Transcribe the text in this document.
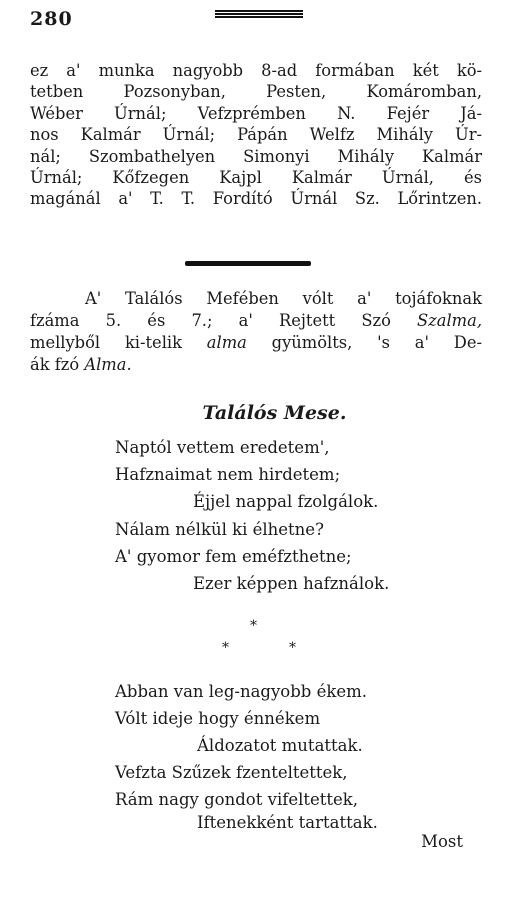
280
ez a' munka nagyobb 8-ad formában két kö-
tetben Pozsonyban, Pesten, Komáromban,
Wéber Úrnál; Vefzprémben N. Fejér Já-
nos Kalmár Úrnál; Pápán Welfz Mihály Úr-
nál; Szombathelyen Simonyi Mihály Kalmár
Úrnál; Kőfzegen Kajpl Kalmár Úrnál, és
magánál a' T. T. Fordító Úrnál Sz. Lőrintzen.
A' Találós Mefében vólt a' tojáfoknak
fzáma 5. és 7.; a' Rejtett Szó Szalma,
mellyből ki-telik alma gyümölts, 's a' De-
ák fzó Alma.
Találós Mese.
Naptól vettem eredetem',
Hafznaimat nem hirdetem;
Éjjel nappal fzolgálok.
Nálam nélkül ki élhetne?
A' gyomor fem eméfzthetne;
Ezer képpen hafználok.
*
*	*
Abban van leg-nagyobb ékem.
Vólt ideje hogy énnékem
Áldozatot mutattak.
Vefzta Szűzek fzenteltettek,
Rám nagy gondot vifeltettek,
Iftenekként tartattak.
Most
